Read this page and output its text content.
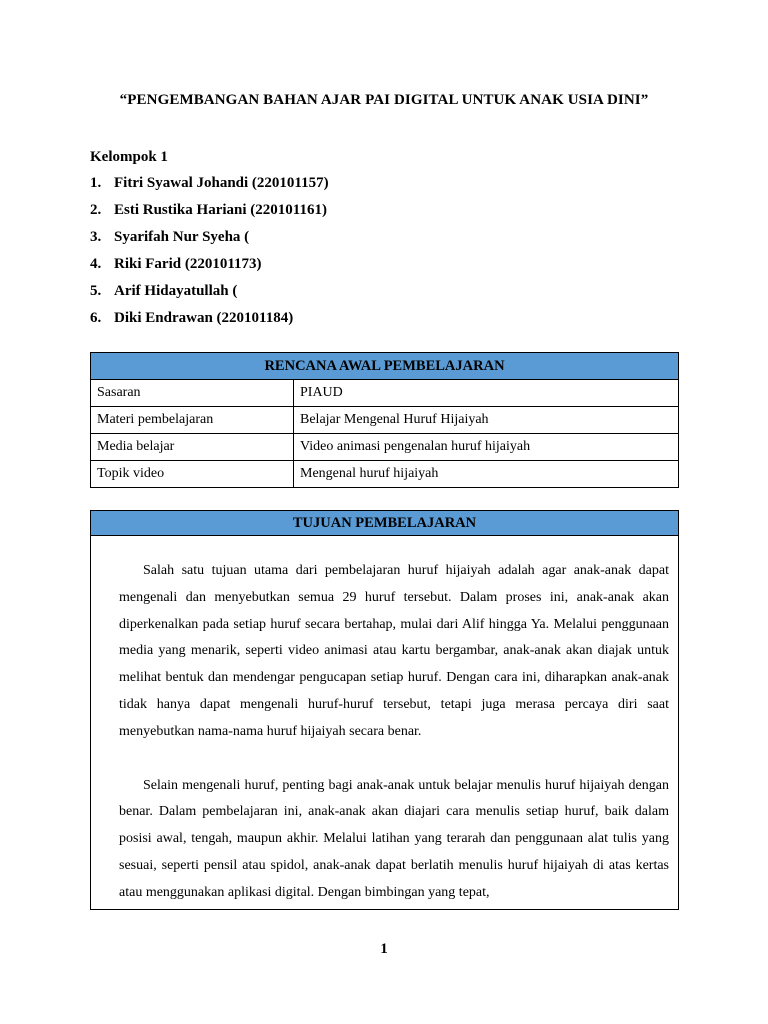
“PENGEMBANGAN BAHAN AJAR PAI DIGITAL UNTUK ANAK USIA DINI”
Kelompok 1
1. Fitri Syawal Johandi (220101157)
2. Esti Rustika Hariani (220101161)
3. Syarifah Nur Syeha (
4. Riki Farid (220101173)
5. Arif Hidayatullah (
6. Diki Endrawan (220101184)
RENCANA AWAL PEMBELAJARAN	
Sasaran	PIAUD
Materi pembelajaran	Belajar Mengenal Huruf Hijaiyah
Media belajar	Video animasi pengenalan huruf hijaiyah
Topik video	Mengenal huruf hijaiyah
TUJUAN PEMBELAJARAN

Salah satu tujuan utama dari pembelajaran huruf hijaiyah adalah agar anak-anak dapat mengenali dan menyebutkan semua 29 huruf tersebut. Dalam proses ini, anak-anak akan diperkenalkan pada setiap huruf secara bertahap, mulai dari Alif hingga Ya. Melalui penggunaan media yang menarik, seperti video animasi atau kartu bergambar, anak-anak akan diajak untuk melihat bentuk dan mendengar pengucapan setiap huruf. Dengan cara ini, diharapkan anak-anak tidak hanya dapat mengenali huruf-huruf tersebut, tetapi juga merasa percaya diri saat menyebutkan nama-nama huruf hijaiyah secara benar.

Selain mengenali huruf, penting bagi anak-anak untuk belajar menulis huruf hijaiyah dengan benar. Dalam pembelajaran ini, anak-anak akan diajari cara menulis setiap huruf, baik dalam posisi awal, tengah, maupun akhir. Melalui latihan yang terarah dan penggunaan alat tulis yang sesuai, seperti pensil atau spidol, anak-anak dapat berlatih menulis huruf hijaiyah di atas kertas atau menggunakan aplikasi digital. Dengan bimbingan yang tepat,

1
